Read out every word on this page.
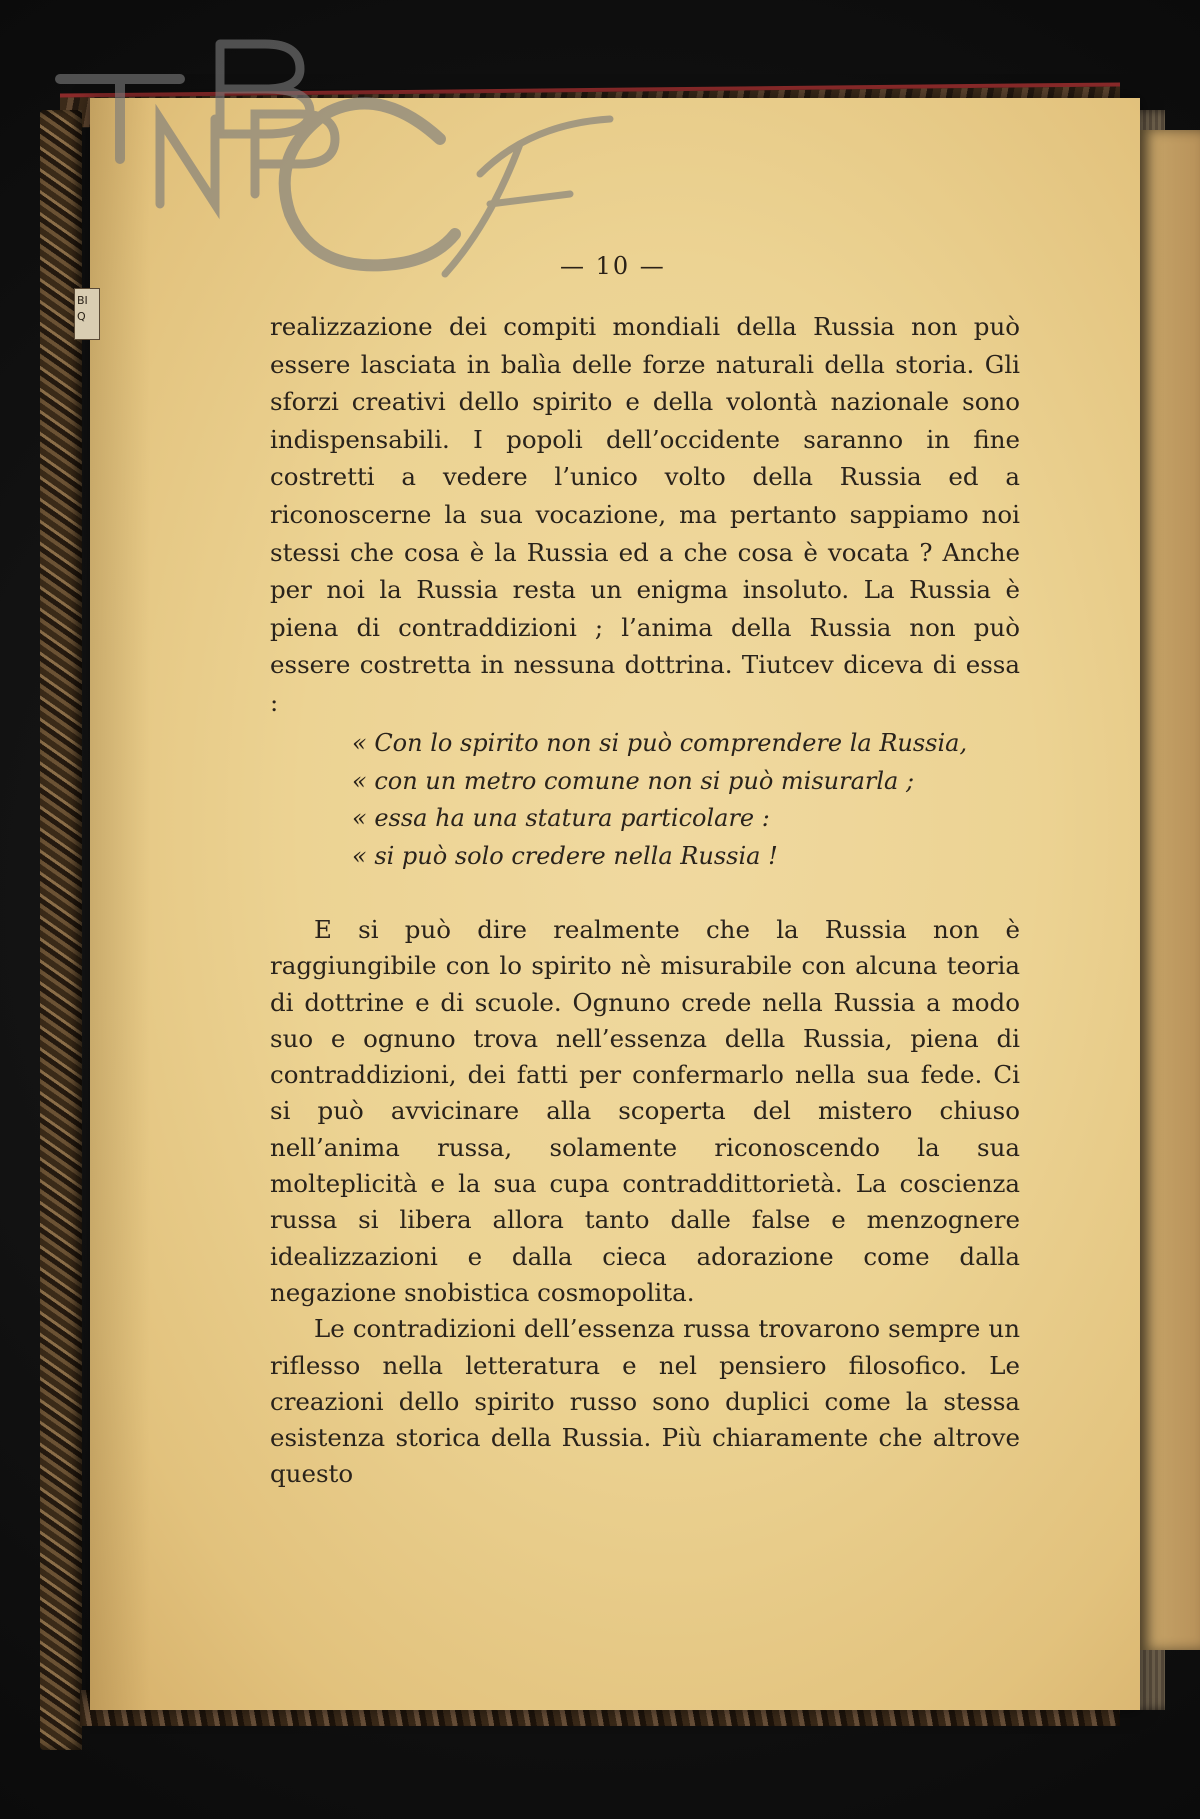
BI
Q
— 10 —

realizzazione dei compiti mondiali della Russia non può essere lasciata in balìa delle forze naturali della storia. Gli sforzi creativi dello spirito e della volontà nazionale sono indispensabili. I popoli dell’occidente saranno in fine costretti a vedere l’unico volto della Russia ed a riconoscerne la sua vocazione, ma pertanto sappiamo noi stessi che cosa è la Russia ed a che cosa è vocata ? Anche per noi la Russia resta un enigma insoluto. La Russia è piena di contraddizioni ; l’anima della Russia non può essere costretta in nessuna dottrina. Tiutcev diceva di essa :

« Con lo spirito non si può comprendere la Russia,
« con un metro comune non si può misurarla ;
« essa ha una statura particolare :
« si può solo credere nella Russia !

E si può dire realmente che la Russia non è raggiungibile con lo spirito nè misurabile con alcuna teoria di dottrine e di scuole. Ognuno crede nella Russia a modo suo e ognuno trova nell’essenza della Russia, piena di contraddizioni, dei fatti per confermarlo nella sua fede. Ci si può avvicinare alla scoperta del mistero chiuso nell’anima russa, solamente riconoscendo la sua molteplicità e la sua cupa contraddittorietà. La coscienza russa si libera allora tanto dalle false e menzognere idealizzazioni e dalla cieca adorazione come dalla negazione snobistica cosmopolita.

Le contradizioni dell’essenza russa trovarono sempre un riflesso nella letteratura e nel pensiero filosofico. Le creazioni dello spirito russo sono duplici come la stessa esistenza storica della Russia. Più chiaramente che altrove questo
